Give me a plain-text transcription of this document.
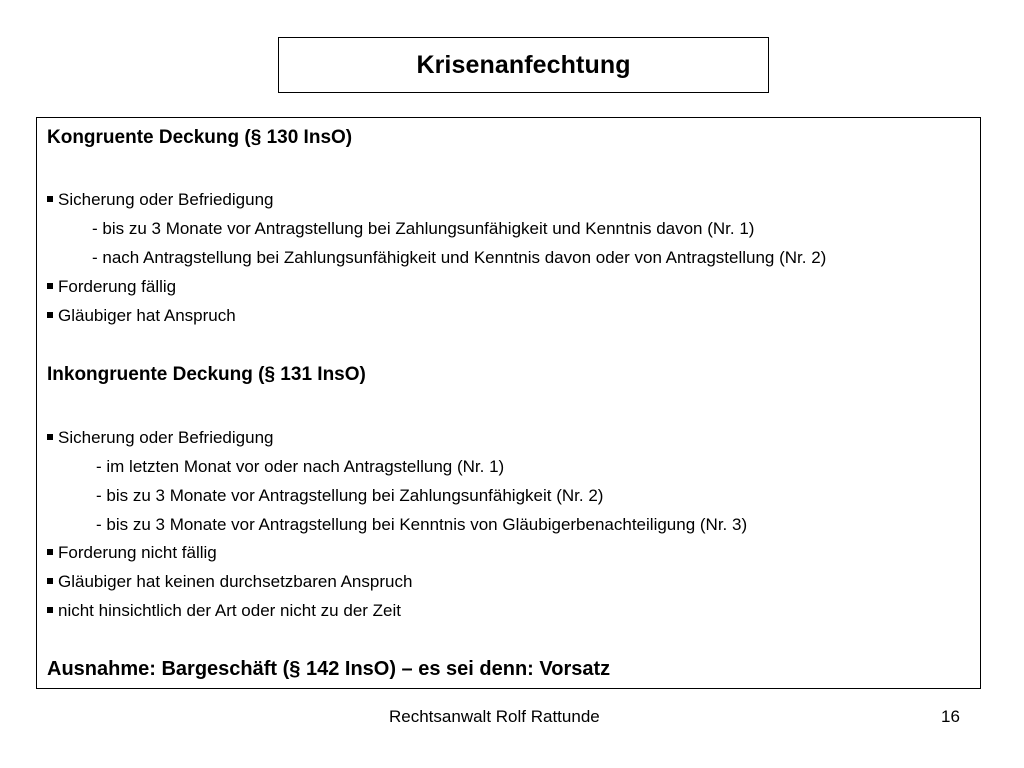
Krisenanfechtung
Kongruente Deckung (§ 130 InsO)
Sicherung oder Befriedigung
- bis zu 3 Monate vor Antragstellung bei Zahlungsunfähigkeit und Kenntnis davon (Nr. 1)
- nach Antragstellung bei Zahlungsunfähigkeit und Kenntnis davon oder von Antragstellung (Nr. 2)
Forderung fällig
Gläubiger hat Anspruch
Inkongruente Deckung (§ 131 InsO)
Sicherung oder Befriedigung
- im letzten Monat vor oder nach Antragstellung (Nr. 1)
- bis zu 3 Monate vor Antragstellung bei Zahlungsunfähigkeit (Nr. 2)
- bis zu 3 Monate vor Antragstellung bei Kenntnis von Gläubigerbenachteiligung (Nr. 3)
Forderung nicht fällig
Gläubiger hat keinen durchsetzbaren Anspruch
nicht hinsichtlich der Art oder nicht zu der Zeit
Ausnahme: Bargeschäft (§ 142 InsO) – es sei denn: Vorsatz
Rechtsanwalt Rolf Rattunde	16
